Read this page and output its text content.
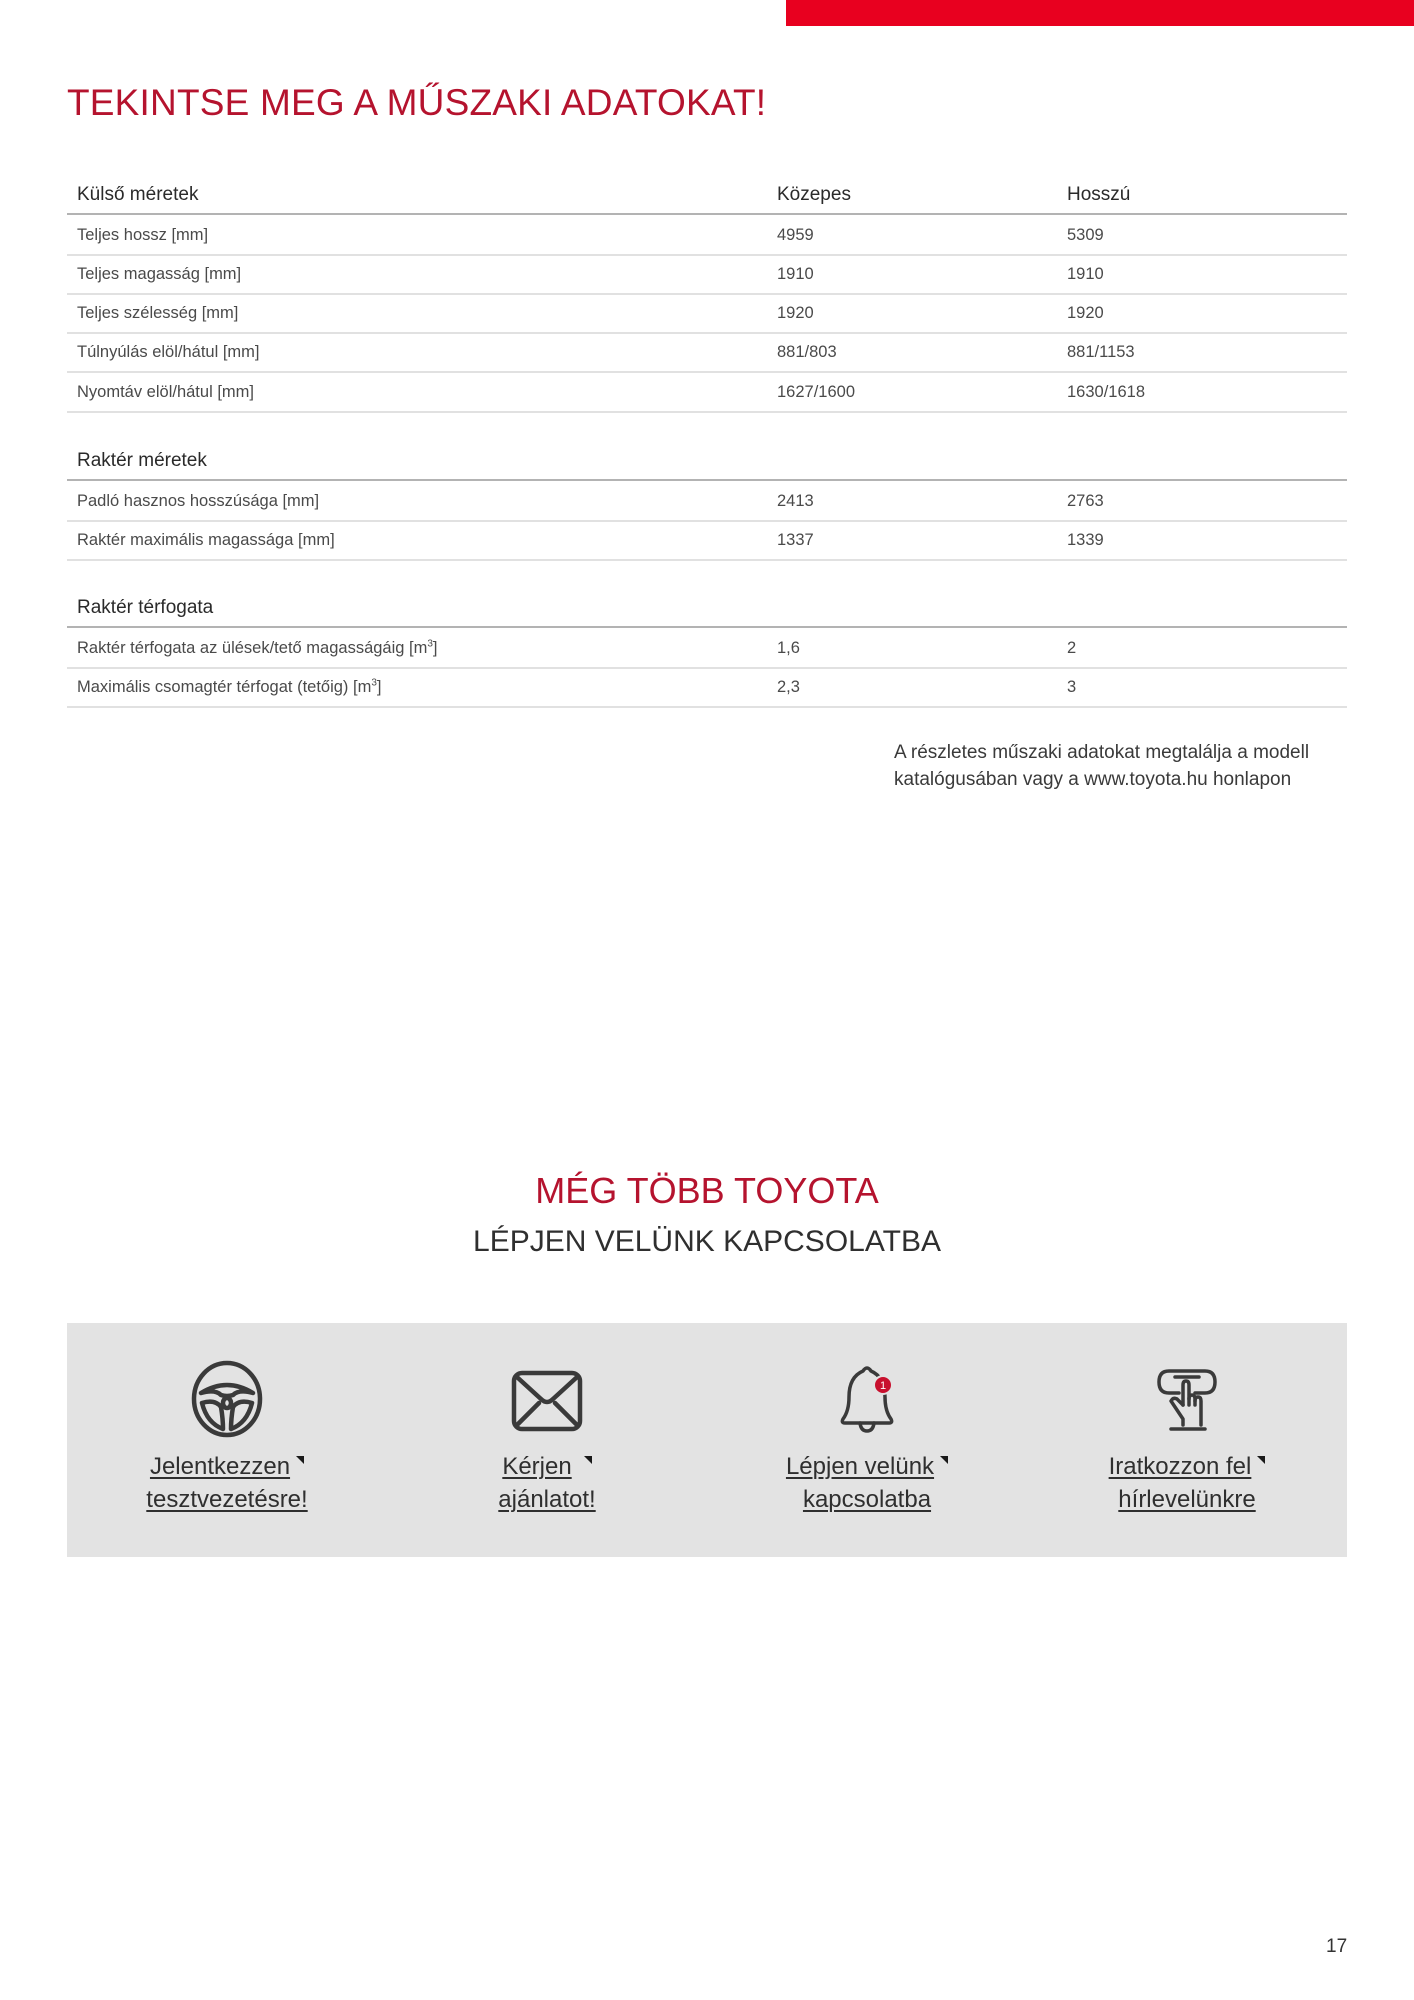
TEKINTSE MEG A MŰSZAKI ADATOKAT!
Külső méretek	Közepes	Hosszú
Teljes hossz [mm]	4959	5309
Teljes magasság [mm]	1910	1910
Teljes szélesség [mm]	1920	1920
Túlnyúlás elöl/hátul [mm]	881/803	881/1153
Nyomtáv elöl/hátul [mm]	1627/1600	1630/1618
Raktér méretek
Padló hasznos hosszúsága [mm]	2413	2763
Raktér maximális magassága [mm]	1337	1339
Raktér térfogata
Raktér térfogata az ülések/tető magasságáig $[m^3]$	1,6	2
Maximális csomagtér térfogat (tetőig) $[m^3]$	2,3	3
A részletes műszaki adatokat megtalálja a modell
katalógusában vagy a www.toyota.hu honlapon
MÉG TÖBB TOYOTA
LÉPJEN VELÜNK KAPCSOLATBA
Jelentkezzen
tesztvezetésre!
Kérjen
ajánlatot!
1
Lépjen velünk
kapcsolatba
Iratkozzon fel
hírlevelünkre
17
